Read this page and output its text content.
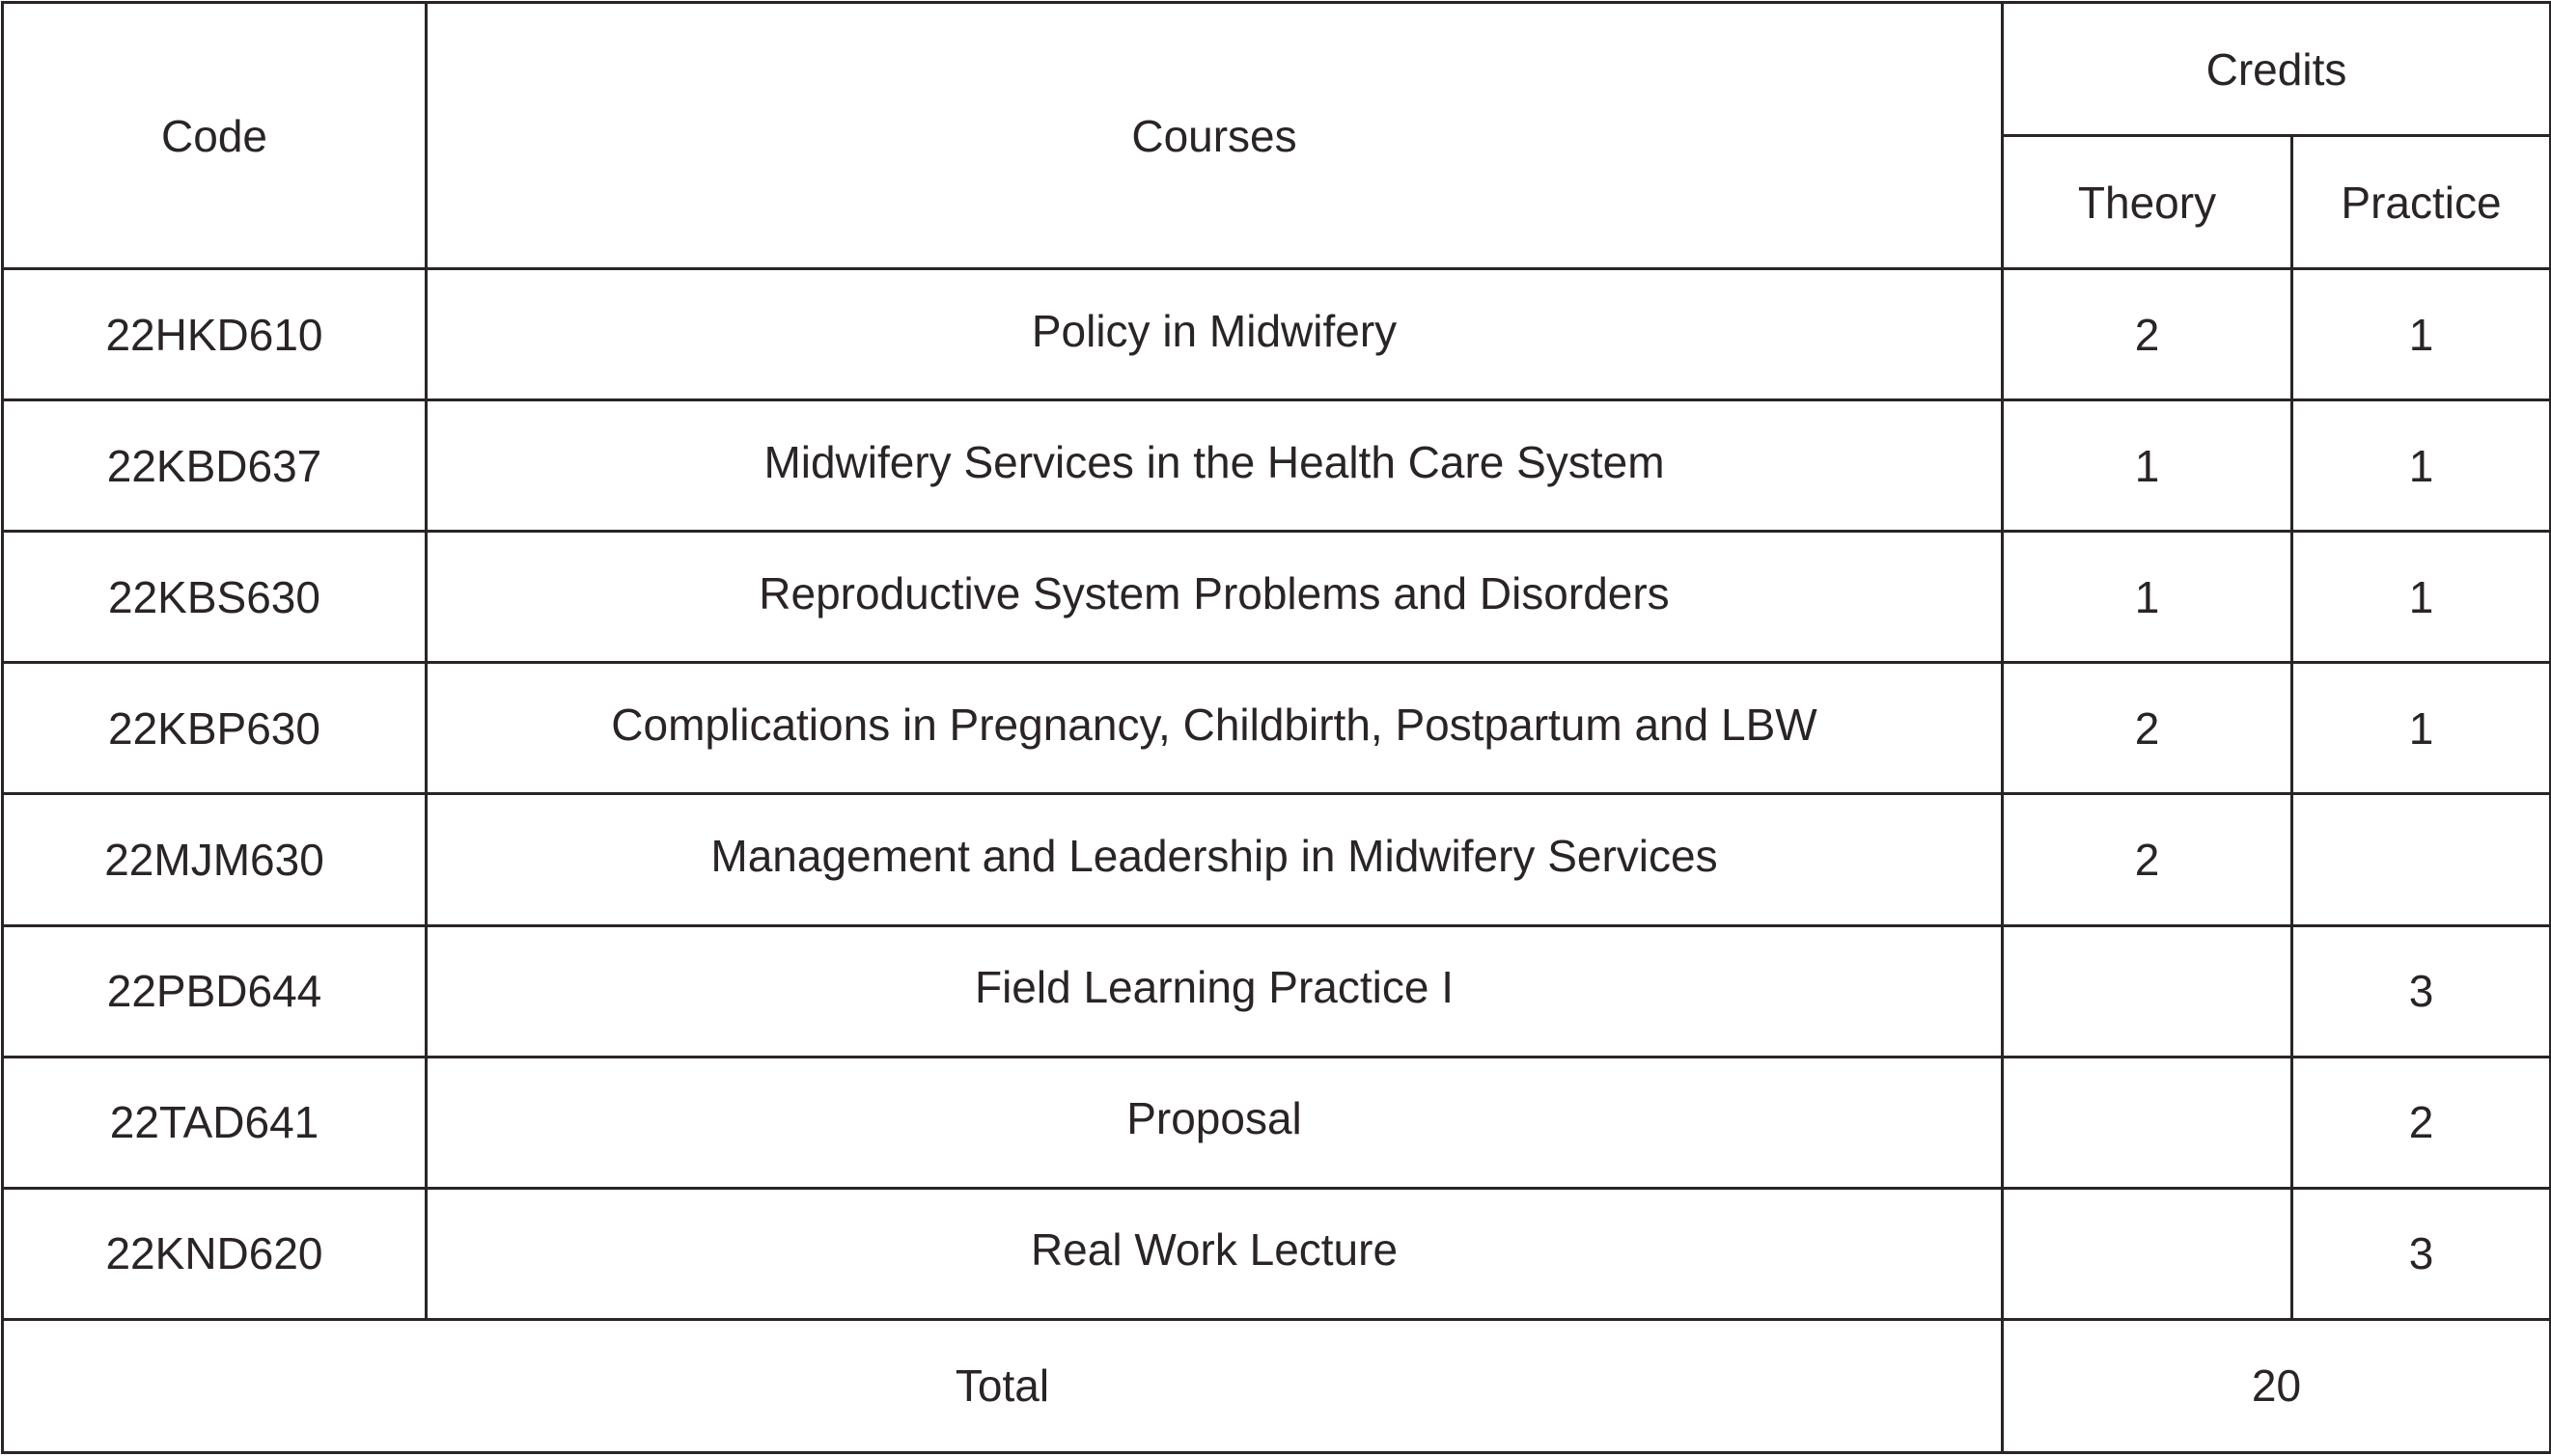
Code	Courses	Credits	
		Theory	Practice
22HKD610	Policy in Midwifery	2	1
22KBD637	Midwifery Services in the Health Care System	1	1
22KBS630	Reproductive System Problems and Disorders	1	1
22KBP630	Complications in Pregnancy, Childbirth, Postpartum and LBW	2	1
22MJM630	Management and Leadership in Midwifery Services	2	
22PBD644	Field Learning Practice I		3
22TAD641	Proposal		2
22KND620	Real Work Lecture		3
Total		20	
